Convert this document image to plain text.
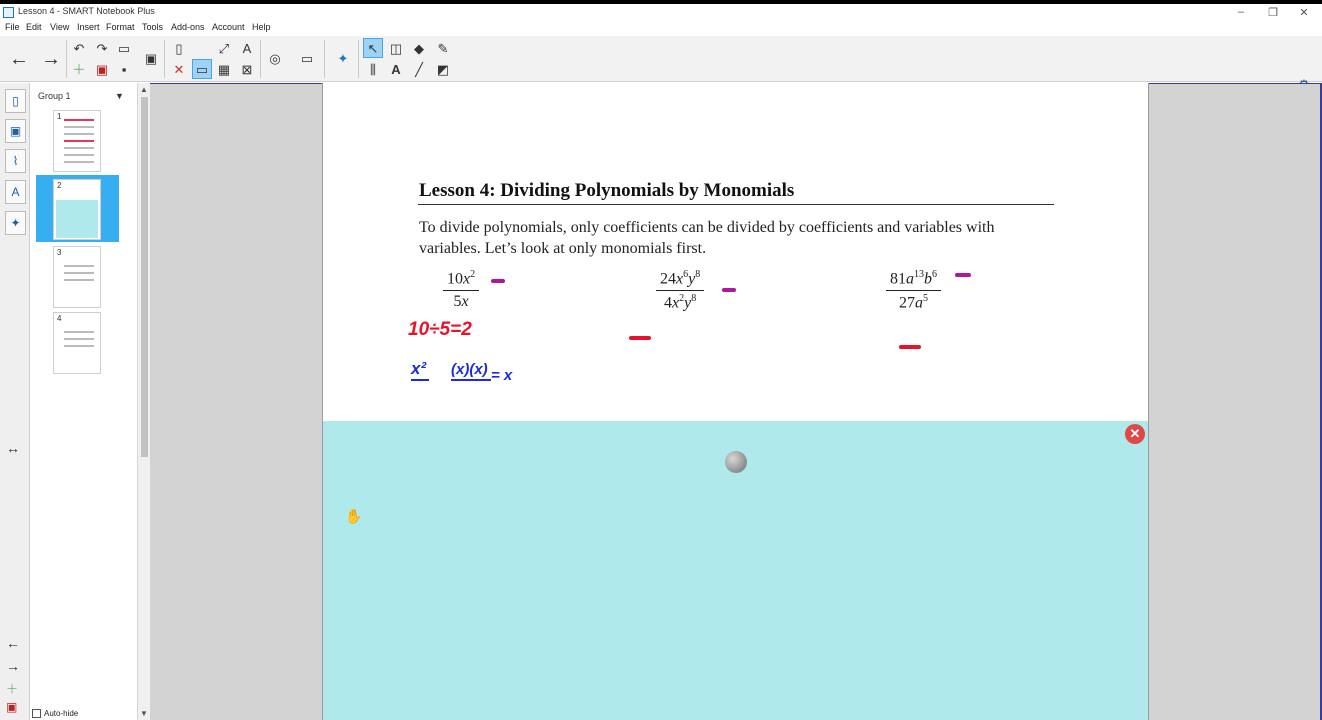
Lesson 4 - SMART Notebook Plus	–	❐ ✕
File Edit View Insert Format Tools Add-ons Account Help
← → ↶ ↷ ▭
＋ ▣	▪
▣
▯
✕ ▭
⤢
▦
A
⊠
◎	▭	✦
↖ ◫ ◆	✎
⫼	A	╱	◩
▯
▣
⌇
A
✦
↔
←
→
＋
▣
Group 1	▼
1
2
3
4
Auto-hide
▲
▼
Lesson 4: Dividing Polynomials by Monomials
To divide polynomials, only coefficients can be divided by coefficients and variables with variables. Let’s look at only monomials first.
$\frac{10x^2}{5x}$	$\frac{24x^6y^8}{4x^2y^8}$	$\frac{81a^{13}b^6}{27a^5}$
10÷5=2
x² (x)(x) = x
✕
✋
